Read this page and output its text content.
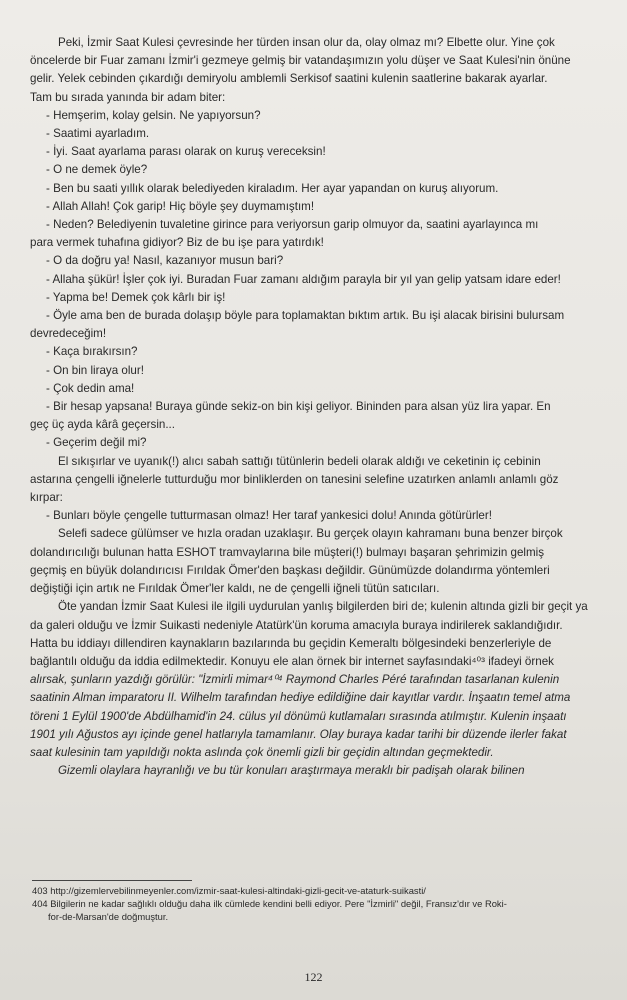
Peki, İzmir Saat Kulesi çevresinde her türden insan olur da, olay olmaz mı? Elbette olur. Yine çok
öncelerde bir Fuar zamanı İzmir'i gezmeye gelmiş bir vatandaşımızın yolu düşer ve Saat Kulesi'nin önüne
gelir. Yelek cebinden çıkardığı demiryolu amblemli Serkisof saatini kulenin saatlerine bakarak ayarlar.
Tam bu sırada yanında bir adam biter:
- Hemşerim, kolay gelsin. Ne yapıyorsun?
- Saatimi ayarladım.
- İyi. Saat ayarlama parası olarak on kuruş vereceksin!
- O ne demek öyle?
- Ben bu saati yıllık olarak belediyeden kiraladım. Her ayar yapandan on kuruş alıyorum.
- Allah Allah! Çok garip! Hiç böyle şey duymamıştım!
- Neden? Belediyenin tuvaletine girince para veriyorsun garip olmuyor da, saatini ayarlayınca mı
para vermek tuhafına gidiyor? Biz de bu işe para yatırdık!
- O da doğru ya! Nasıl, kazanıyor musun bari?
- Allaha şükür! İşler çok iyi. Buradan Fuar zamanı aldığım parayla bir yıl yan gelip yatsam idare eder!
- Yapma be! Demek çok kârlı bir iş!
- Öyle ama ben de burada dolaşıp böyle para toplamaktan bıktım artık. Bu işi alacak birisini bulursam
devredeceğim!
- Kaça bırakırsın?
- On bin liraya olur!
- Çok dedin ama!
- Bir hesap yapsana! Buraya günde sekiz-on bin kişi geliyor. Bininden para alsan yüz lira yapar. En
geç üç ayda kârâ geçersin...
- Geçerim değil mi?
El sıkışırlar ve uyanık(!) alıcı sabah sattığı tütünlerin bedeli olarak aldığı ve ceketinin iç cebinin
astarına çengelli iğnelerle tutturduğu mor binliklerden on tanesini selefine uzatırken anlamlı anlamlı göz
kırpar:
- Bunları böyle çengelle tutturmasan olmaz! Her taraf yankesici dolu! Anında götürürler!
Selefi sadece gülümser ve hızla oradan uzaklaşır. Bu gerçek olayın kahramanı buna benzer birçok
dolandırıcılığı bulunan hatta ESHOT tramvaylarına bile müşteri(!) bulmayı başaran şehrimizin gelmiş
geçmiş en büyük dolandırıcısı Fırıldak Ömer'den başkası değildir. Günümüzde dolandırma yöntemleri
değiştiği için artık ne Fırıldak Ömer'ler kaldı, ne de çengelli iğneli tütün satıcıları.
Öte yandan İzmir Saat Kulesi ile ilgili uydurulan yanlış bilgilerden biri de; kulenin altında gizli bir geçit ya
da galeri olduğu ve İzmir Suikasti nedeniyle Atatürk'ün koruma amacıyla buraya indirilerek saklandığıdır.
Hatta bu iddiayı dillendiren kaynakların bazılarında bu geçidin Kemeraltı bölgesindeki benzerleriyle de
bağlantılı olduğu da iddia edilmektedir. Konuyu ele alan örnek bir internet sayfasındaki⁴⁰³ ifadeyi örnek
alırsak, şunların yazdığı görülür: "İzmirli mimar⁴⁰⁴ Raymond Charles Péré tarafından tasarlanan kulenin
saatinin Alman imparatoru II. Wilhelm tarafından hediye edildiğine dair kayıtlar vardır. İnşaatın temel atma
töreni 1 Eylül 1900'de Abdülhamid'in 24. cülus yıl dönümü kutlamaları sırasında atılmıştır. Kulenin inşaatı
1901 yılı Ağustos ayı içinde genel hatlarıyla tamamlanır. Olay buraya kadar tarihi bir düzende ilerler fakat
saat kulesinin tam yapıldığı nokta aslında çok önemli gizli bir geçidin altından geçmektedir.
Gizemli olaylara hayranlığı ve bu tür konuları araştırmaya meraklı bir padişah olarak bilinen
403 http://gizemlervebilinmeyenler.com/izmir-saat-kulesi-altindaki-gizli-gecit-ve-ataturk-suikasti/
404 Bilgilerin ne kadar sağlıklı olduğu daha ilk cümlede kendini belli ediyor. Pere "İzmirli" değil, Fransız'dır ve Roki-
for-de-Marsan'de doğmuştur.
122
